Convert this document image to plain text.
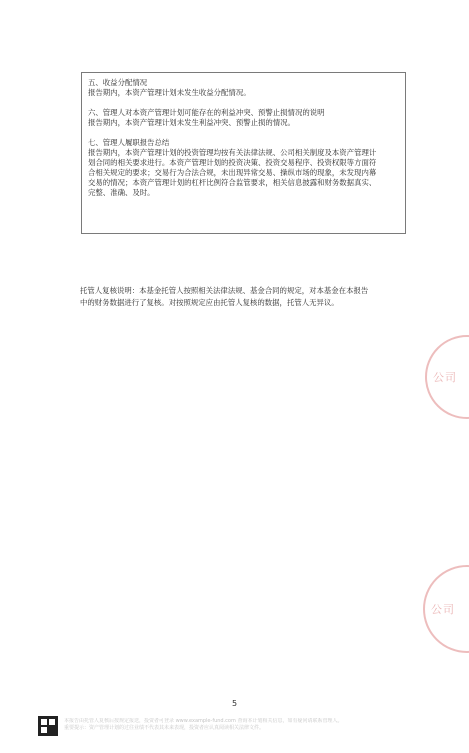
五、收益分配情况
报告期内，本资产管理计划未发生收益分配情况。
六、管理人对本资产管理计划可能存在的利益冲突、预警止损情况的说明
报告期内，本资产管理计划未发生利益冲突、预警止损的情况。
七、管理人履职报告总结
报告期内，本资产管理计划的投资管理均按有关法律法规、公司相关制度及本资产管理计
划合同的相关要求进行。本资产管理计划的投资决策、投资交易程序、投资权限等方面符
合相关规定的要求；交易行为合法合规，未出现异常交易、操纵市场的现象，未发现内幕
交易的情况；本资产管理计划的杠杆比例符合监管要求，相关信息披露和财务数据真实、
完整、准确、及时。
托管人复核说明：本基金托管人按照相关法律法规、基金合同的规定，对本基金在本报告
中的财务数据进行了复核。对按照规定应由托管人复核的数据，托管人无异议。
公司
公司
5
本报告由托管人复核后按规定报送，投资者可登录 www.example-fund.com 查询本计划相关信息，如有疑问请联系管理人。
重要提示：资产管理计划的过往业绩不代表其未来表现，投资者应认真阅读相关法律文件。
